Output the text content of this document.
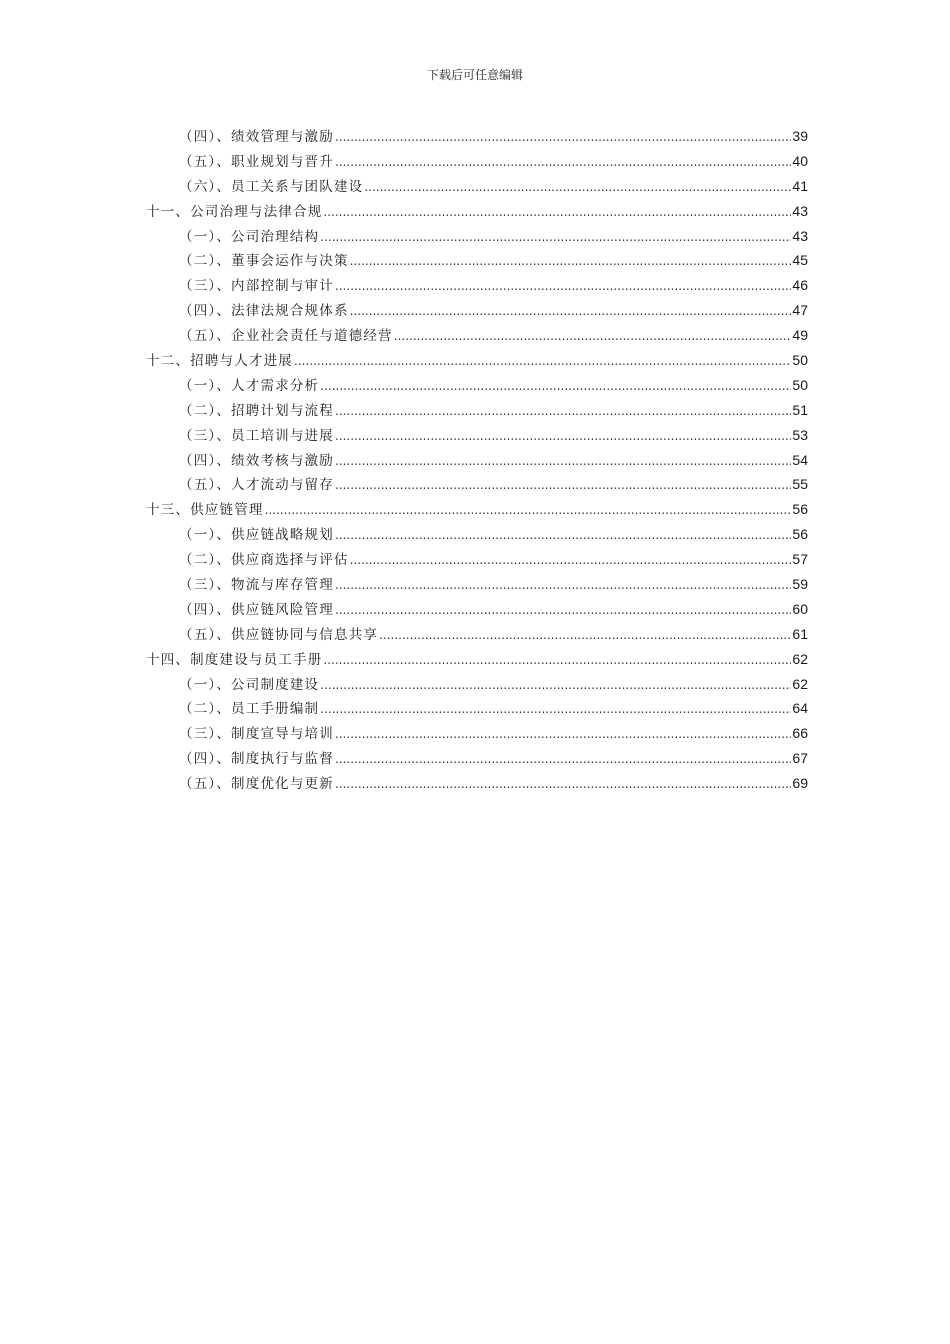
下载后可任意编辑
（四）、绩效管理与激励 .....	39
（五）、职业规划与晋升 .....	40
（六）、员工关系与团队建设 .....	41
十一、公司治理与法律合规 .....	43
（一）、公司治理结构 .....	43
（二）、董事会运作与决策 .....	45
（三）、内部控制与审计 .....	46
（四）、法律法规合规体系 .....	47
（五）、企业社会责任与道德经营 .....	49
十二、招聘与人才进展 .....	50
（一）、人才需求分析 .....	50
（二）、招聘计划与流程 .....	51
（三）、员工培训与进展 .....	53
（四）、绩效考核与激励 .....	54
（五）、人才流动与留存 .....	55
十三、供应链管理 .....	56
（一）、供应链战略规划 .....	56
（二）、供应商选择与评估 .....	57
（三）、物流与库存管理 .....	59
（四）、供应链风险管理 .....	60
（五）、供应链协同与信息共享 .....	61
十四、制度建设与员工手册 .....	62
（一）、公司制度建设 .....	62
（二）、员工手册编制 .....	64
（三）、制度宣导与培训 .....	66
（四）、制度执行与监督 .....	67
（五）、制度优化与更新 .....	69
